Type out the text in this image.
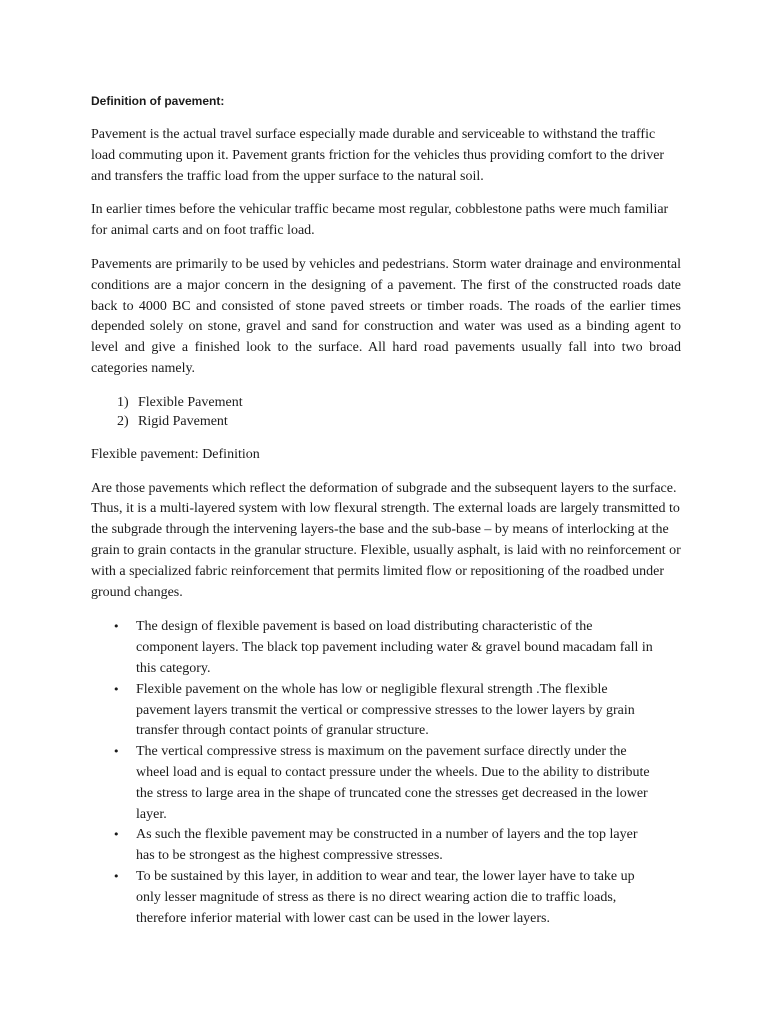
Definition of pavement:

Pavement is the actual travel surface especially made durable and serviceable to withstand the traffic load commuting upon it. Pavement grants friction for the vehicles thus providing comfort to the driver and transfers the traffic load from the upper surface to the natural soil.

In earlier times before the vehicular traffic became most regular, cobblestone paths were much familiar for animal carts and on foot traffic load.

Pavements are primarily to be used by vehicles and pedestrians. Storm water drainage and environmental conditions are a major concern in the designing of a pavement. The first of the constructed roads date back to 4000 BC and consisted of stone paved streets or timber roads. The roads of the earlier times depended solely on stone, gravel and sand for construction and water was used as a binding agent to level and give a finished look to the surface. All hard road pavements usually fall into two broad categories namely.

1) Flexible Pavement
2) Rigid Pavement

Flexible pavement: Definition

Are those pavements which reflect the deformation of subgrade and the subsequent layers to the surface. Thus, it is a multi-layered system with low flexural strength. The external loads are largely transmitted to the subgrade through the intervening layers-the base and the sub-base – by means of interlocking at the grain to grain contacts in the granular structure. Flexible, usually asphalt, is laid with no reinforcement or with a specialized fabric reinforcement that permits limited flow or repositioning of the roadbed under ground changes.

• The design of flexible pavement is based on load distributing characteristic of the component layers. The black top pavement including water & gravel bound macadam fall in this category.
• Flexible pavement on the whole has low or negligible flexural strength .The flexible pavement layers transmit the vertical or compressive stresses to the lower layers by grain transfer through contact points of granular structure.
• The vertical compressive stress is maximum on the pavement surface directly under the wheel load and is equal to contact pressure under the wheels. Due to the ability to distribute the stress to large area in the shape of truncated cone the stresses get decreased in the lower layer.
• As such the flexible pavement may be constructed in a number of layers and the top layer has to be strongest as the highest compressive stresses.
• To be sustained by this layer, in addition to wear and tear, the lower layer have to take up only lesser magnitude of stress as there is no direct wearing action die to traffic loads, therefore inferior material with lower cast can be used in the lower layers.
